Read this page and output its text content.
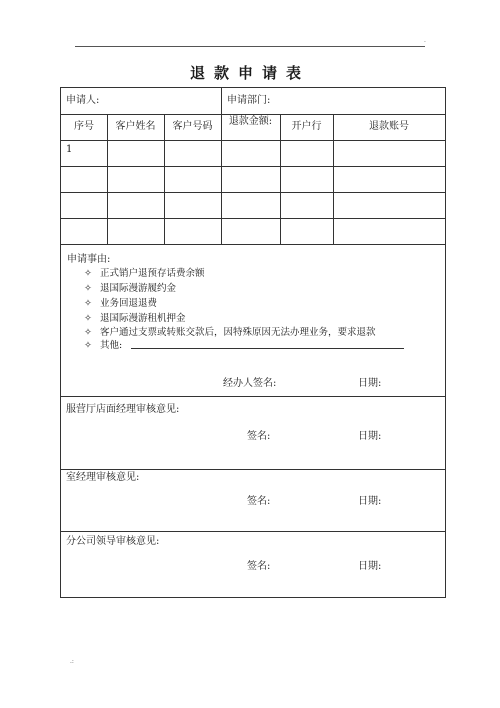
.
退款申请表
申请人:	申请部门:
序号	客户姓名	客户号码	退款金额:	开户行	退款账号
1
申请事由:
✧ 正式销户退预存话费余额
✧ 退国际漫游履约金
✧ 业务回退退费
✧ 退国际漫游租机押金
✧ 客户通过支票或转账交款后，因特殊原因无法办理业务，要求退款
✧ 其他:
经办人签名:	日期:
服营厅店面经理审核意见:
签名:	日期:
室经理审核意见:
签名:	日期:
分公司领导审核意见:
签名:	日期:
.:
